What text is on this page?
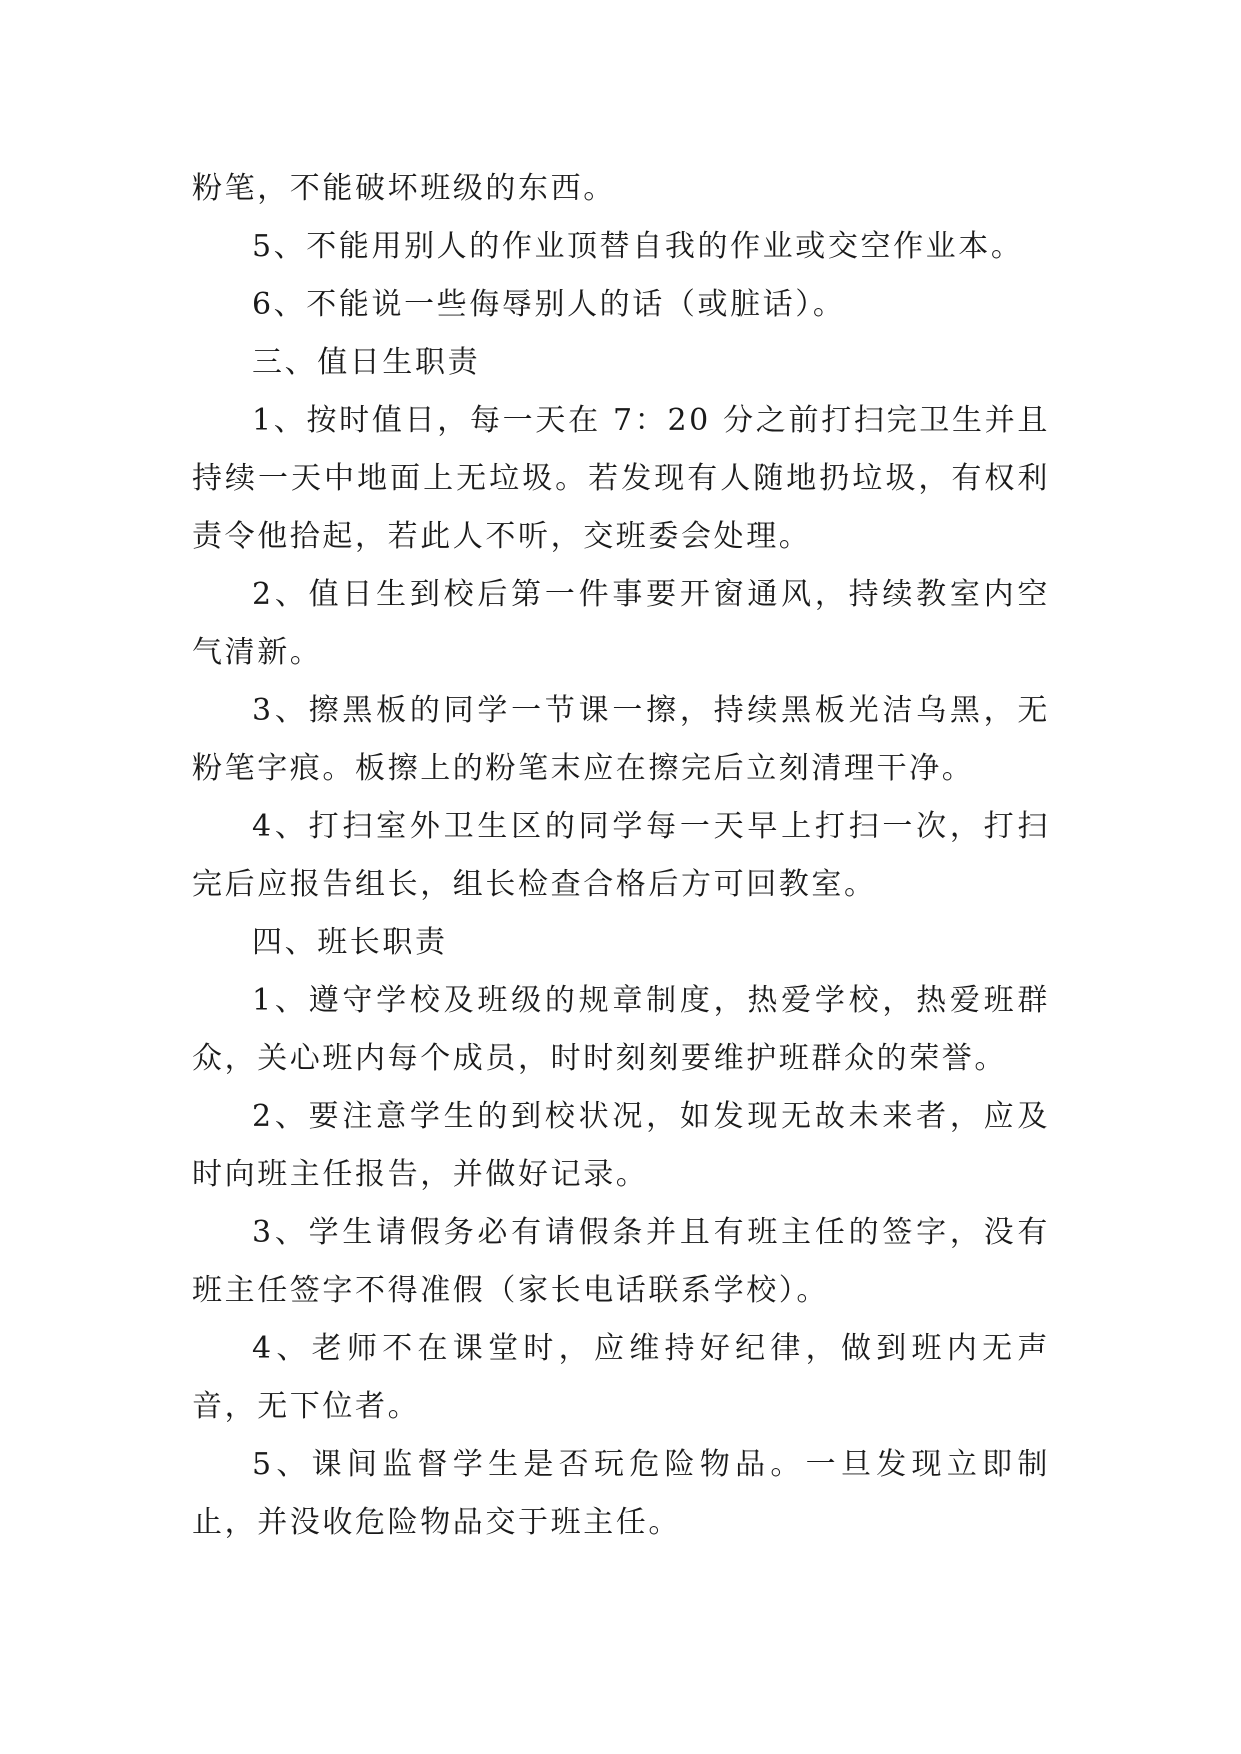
粉笔，不能破坏班级的东西。

5、不能用别人的作业顶替自我的作业或交空作业本。

6、不能说一些侮辱别人的话（或脏话）。

三、值日生职责

1、按时值日，每一天在 7：20 分之前打扫完卫生并且持续一天中地面上无垃圾。若发现有人随地扔垃圾，有权利责令他拾起，若此人不听，交班委会处理。

2、值日生到校后第一件事要开窗通风，持续教室内空气清新。

3、擦黑板的同学一节课一擦，持续黑板光洁乌黑，无粉笔字痕。板擦上的粉笔末应在擦完后立刻清理干净。

4、打扫室外卫生区的同学每一天早上打扫一次，打扫完后应报告组长，组长检查合格后方可回教室。

四、班长职责

1、遵守学校及班级的规章制度，热爱学校，热爱班群众，关心班内每个成员，时时刻刻要维护班群众的荣誉。

2、要注意学生的到校状况，如发现无故未来者，应及时向班主任报告，并做好记录。

3、学生请假务必有请假条并且有班主任的签字，没有班主任签字不得准假（家长电话联系学校）。

4、老师不在课堂时，应维持好纪律，做到班内无声音，无下位者。

5、课间监督学生是否玩危险物品。一旦发现立即制止，并没收危险物品交于班主任。
